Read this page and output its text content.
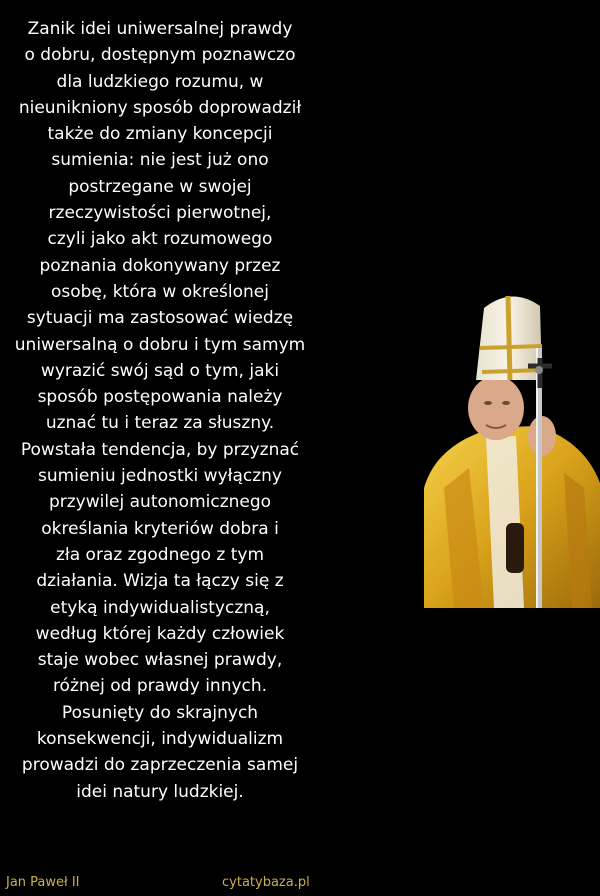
Zanik idei uniwersalnej prawdy
o dobru, dostępnym poznawczo
dla ludzkiego rozumu, w
nieunikniony sposób doprowadził
także do zmiany koncepcji
sumienia: nie jest już ono
postrzegane w swojej
rzeczywistości pierwotnej,
czyli jako akt rozumowego
poznania dokonywany przez
osobę, która w określonej
sytuacji ma zastosować wiedzę
uniwersalną o dobru i tym samym
wyrazić swój sąd o tym, jaki
sposób postępowania należy
uznać tu i teraz za słuszny.
Powstała tendencja, by przyznać
sumieniu jednostki wyłączny
przywilej autonomicznego
określania kryteriów dobra i
zła oraz zgodnego z tym
działania. Wizja ta łączy się z
etyką indywidualistyczną,
według której każdy człowiek
staje wobec własnej prawdy,
różnej od prawdy innych.
Posunięty do skrajnych
konsekwencji, indywidualizm
prowadzi do zaprzeczenia samej
idei natury ludzkiej.
Jan Paweł II	cytatybaza.pl
